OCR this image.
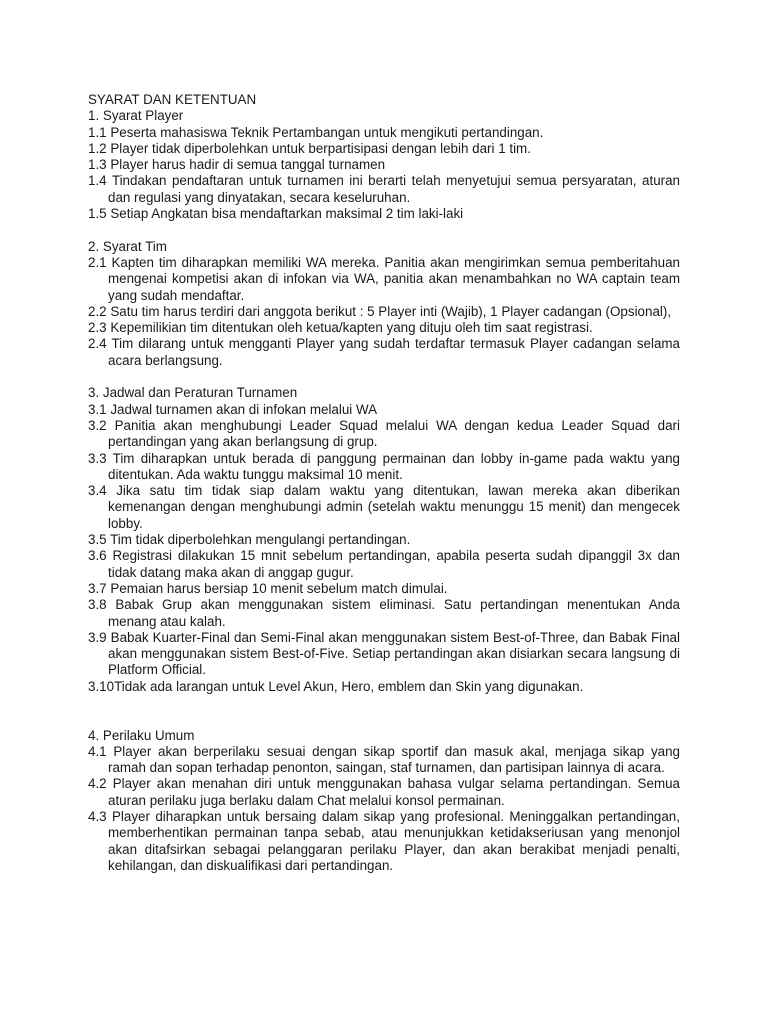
SYARAT DAN KETENTUAN
1. Syarat Player
1.1 Peserta mahasiswa Teknik Pertambangan untuk mengikuti pertandingan.
1.2 Player tidak diperbolehkan untuk berpartisipasi dengan lebih dari 1 tim.
1.3 Player harus hadir di semua tanggal turnamen
1.4 Tindakan pendaftaran untuk turnamen ini berarti telah menyetujui semua persyaratan, aturan dan regulasi yang dinyatakan, secara keseluruhan.
1.5 Setiap Angkatan bisa mendaftarkan maksimal 2 tim laki-laki
2. Syarat Tim
2.1 Kapten tim diharapkan memiliki WA mereka. Panitia akan mengirimkan semua pemberitahuan mengenai kompetisi akan di infokan via WA, panitia akan menambahkan no WA captain team yang sudah mendaftar.
2.2 Satu tim harus terdiri dari anggota berikut : 5 Player inti (Wajib), 1 Player cadangan (Opsional),
2.3 Kepemilikian tim ditentukan oleh ketua/kapten yang dituju oleh tim saat registrasi.
2.4 Tim dilarang untuk mengganti Player yang sudah terdaftar termasuk Player cadangan selama acara berlangsung.
3. Jadwal dan Peraturan Turnamen
3.1 Jadwal turnamen akan di infokan melalui WA
3.2 Panitia akan menghubungi Leader Squad melalui WA dengan kedua Leader Squad dari pertandingan yang akan berlangsung di grup.
3.3 Tim diharapkan untuk berada di panggung permainan dan lobby in-game pada waktu yang ditentukan. Ada waktu tunggu maksimal 10 menit.
3.4 Jika satu tim tidak siap dalam waktu yang ditentukan, lawan mereka akan diberikan kemenangan dengan menghubungi admin (setelah waktu menunggu 15 menit) dan mengecek lobby.
3.5 Tim tidak diperbolehkan mengulangi pertandingan.
3.6 Registrasi dilakukan 15 mnit sebelum pertandingan, apabila peserta sudah dipanggil 3x dan tidak datang maka akan di anggap gugur.
3.7 Pemaian harus bersiap 10 menit sebelum match dimulai.
3.8 Babak Grup akan menggunakan sistem eliminasi. Satu pertandingan menentukan Anda menang atau kalah.
3.9 Babak Kuarter-Final dan Semi-Final akan menggunakan sistem Best-of-Three, dan Babak Final akan menggunakan sistem Best-of-Five. Setiap pertandingan akan disiarkan secara langsung di Platform Official.
3.10Tidak ada larangan untuk Level Akun, Hero, emblem dan Skin yang digunakan.
4. Perilaku Umum
4.1 Player akan berperilaku sesuai dengan sikap sportif dan masuk akal, menjaga sikap yang ramah dan sopan terhadap penonton, saingan, staf turnamen, dan partisipan lainnya di acara.
4.2 Player akan menahan diri untuk menggunakan bahasa vulgar selama pertandingan. Semua aturan perilaku juga berlaku dalam Chat melalui konsol permainan.
4.3 Player diharapkan untuk bersaing dalam sikap yang profesional. Meninggalkan pertandingan, memberhentikan permainan tanpa sebab, atau menunjukkan ketidakseriusan yang menonjol akan ditafsirkan sebagai pelanggaran perilaku Player, dan akan berakibat menjadi penalti, kehilangan, dan diskualifikasi dari pertandingan.
